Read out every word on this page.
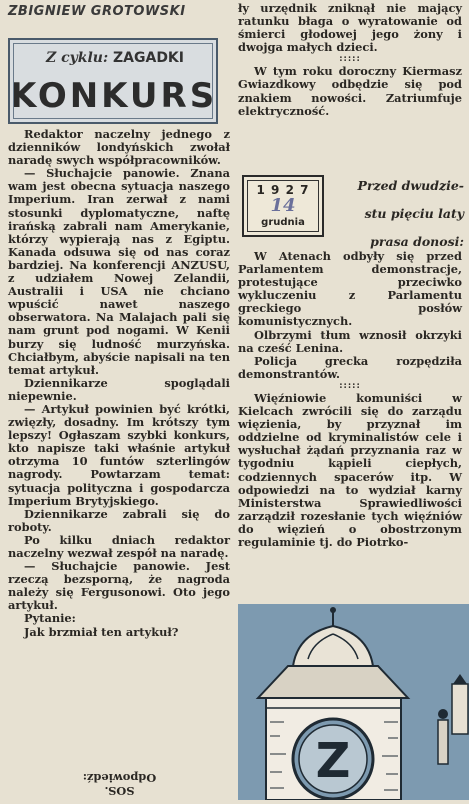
ZBIGNIEW GROTOWSKI
Z cyklu: ZAGADKI
KONKURS

Redaktor naczelny jednego z dzienników londyńskich zwołał naradę swych współpracowników.

— Słuchajcie panowie. Znana wam jest obecna sytuacja naszego Imperium. Iran zerwał z nami stosunki dyplomatyczne, naftę irańską zabrali nam Amerykanie, którzy wypierają nas z Egiptu. Kanada odsuwa się od nas coraz bardziej. Na konferencji ANZUSU, z udziałem Nowej Zelandii, Australii i USA nie chciano wpuścić nawet naszego obserwatora. Na Malajach pali się nam grunt pod nogami. W Kenii burzy się ludność murzyńska. Chciałbym, abyście napisali na ten temat artykuł.

Dziennikarze spoglądali niepewnie.

— Artykuł powinien być krótki, zwięzły, dosadny. Im krótszy tym lepszy! Ogłaszam szybki konkurs, kto napisze taki właśnie artykuł otrzyma 10 funtów szterlingów nagrody. Powtarzam temat: sytuacja polityczna i gospodarcza Imperium Brytyjskiego.

Dziennikarze zabrali się do roboty.

Po kilku dniach redaktor naczelny wezwał zespół na naradę.

— Słuchajcie panowie. Jest rzeczą bezsporną, że nagroda należy się Fergusonowi. Oto jego artykuł.

Pytanie:

Jak brzmiał ten artykuł?

SOS.
Odpowiedź:

ły urzędnik zniknął nie mający ratunku błaga o wyratowanie od śmierci głodowej jego żony i dwojga małych dzieci.

:::::

W tym roku doroczny Kiermasz Gwiazdkowy odbędzie się pod znakiem nowości. Zatriumfuje elektryczność.

1 9 2 7
14
grudnia
Przed dwudzie-
stu pięciu laty
prasa donosi:

W Atenach odbyły się przed Parlamentem demonstracje, protestujące przeciwko wykluczeniu z Parlamentu greckiego posłów komunistycznych.

Olbrzymi tłum wznosił okrzyki na cześć Lenina.

Policja grecka rozpędziła demonstrantów.

:::::

Więźniowie komuniści w Kielcach zwrócili się do zarządu więzienia, by przyznał im oddzielne od kryminalistów cele i wysłuchał żądań przyznania raz w tygodniu kąpieli ciepłych, codziennych spacerów itp. W odpowiedzi na to wydział karny Ministerstwa Sprawiedliwości zarządził rozesłanie tych więźniów do więzień o obostrzonym regulaminie tj. do Piotrko-

Z
